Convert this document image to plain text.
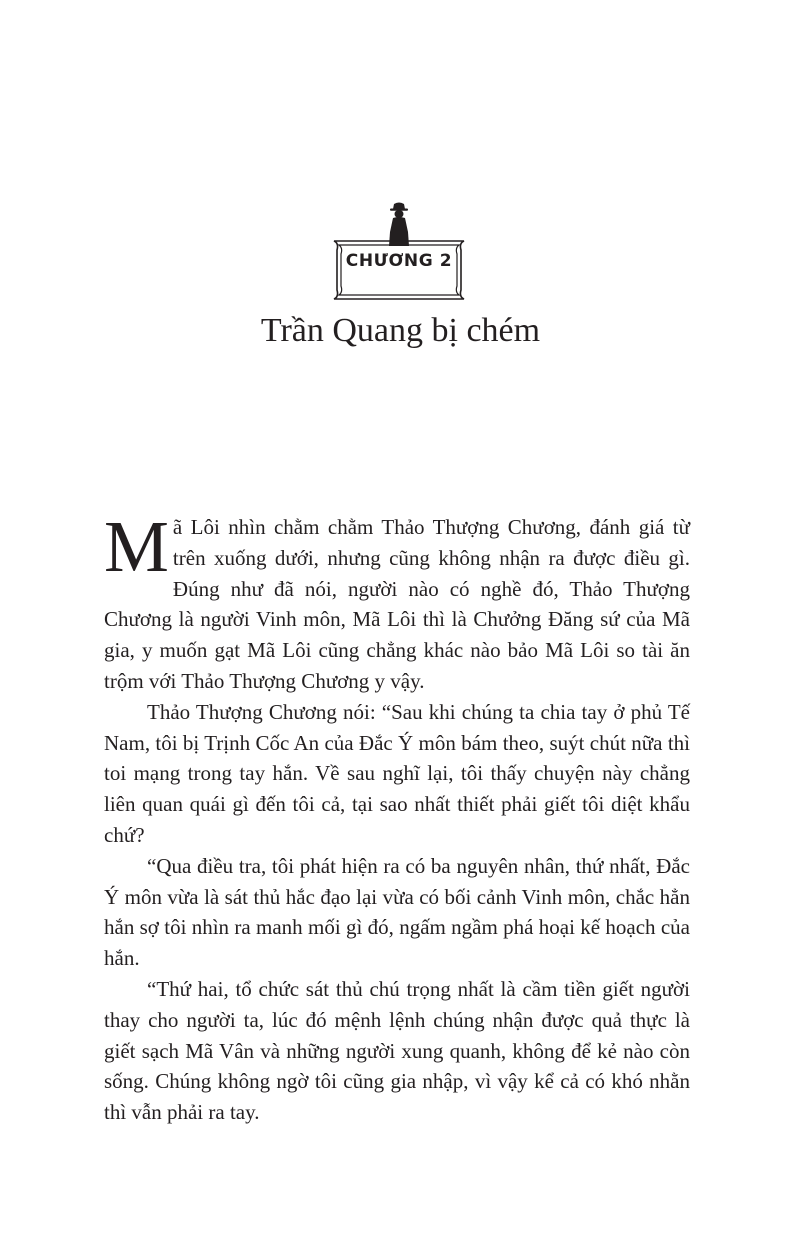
CHƯƠNG 2
Trần Quang bị chém

Mã Lôi nhìn chằm chằm Thảo Thượng Chương, đánh giá từ trên xuống dưới, nhưng cũng không nhận ra được điều gì. Đúng như đã nói, người nào có nghề đó, Thảo Thượng Chương là người Vinh môn, Mã Lôi thì là Chưởng Đăng sứ của Mã gia, y muốn gạt Mã Lôi cũng chẳng khác nào bảo Mã Lôi so tài ăn trộm với Thảo Thượng Chương y vậy.

Thảo Thượng Chương nói: “Sau khi chúng ta chia tay ở phủ Tế Nam, tôi bị Trịnh Cốc An của Đắc Ý môn bám theo, suýt chút nữa thì toi mạng trong tay hắn. Về sau nghĩ lại, tôi thấy chuyện này chẳng liên quan quái gì đến tôi cả, tại sao nhất thiết phải giết tôi diệt khẩu chứ?

“Qua điều tra, tôi phát hiện ra có ba nguyên nhân, thứ nhất, Đắc Ý môn vừa là sát thủ hắc đạo lại vừa có bối cảnh Vinh môn, chắc hẳn hắn sợ tôi nhìn ra manh mối gì đó, ngấm ngầm phá hoại kế hoạch của hắn.

“Thứ hai, tổ chức sát thủ chú trọng nhất là cầm tiền giết người thay cho người ta, lúc đó mệnh lệnh chúng nhận được quả thực là giết sạch Mã Vân và những người xung quanh, không để kẻ nào còn sống. Chúng không ngờ tôi cũng gia nhập, vì vậy kể cả có khó nhằn thì vẫn phải ra tay.
